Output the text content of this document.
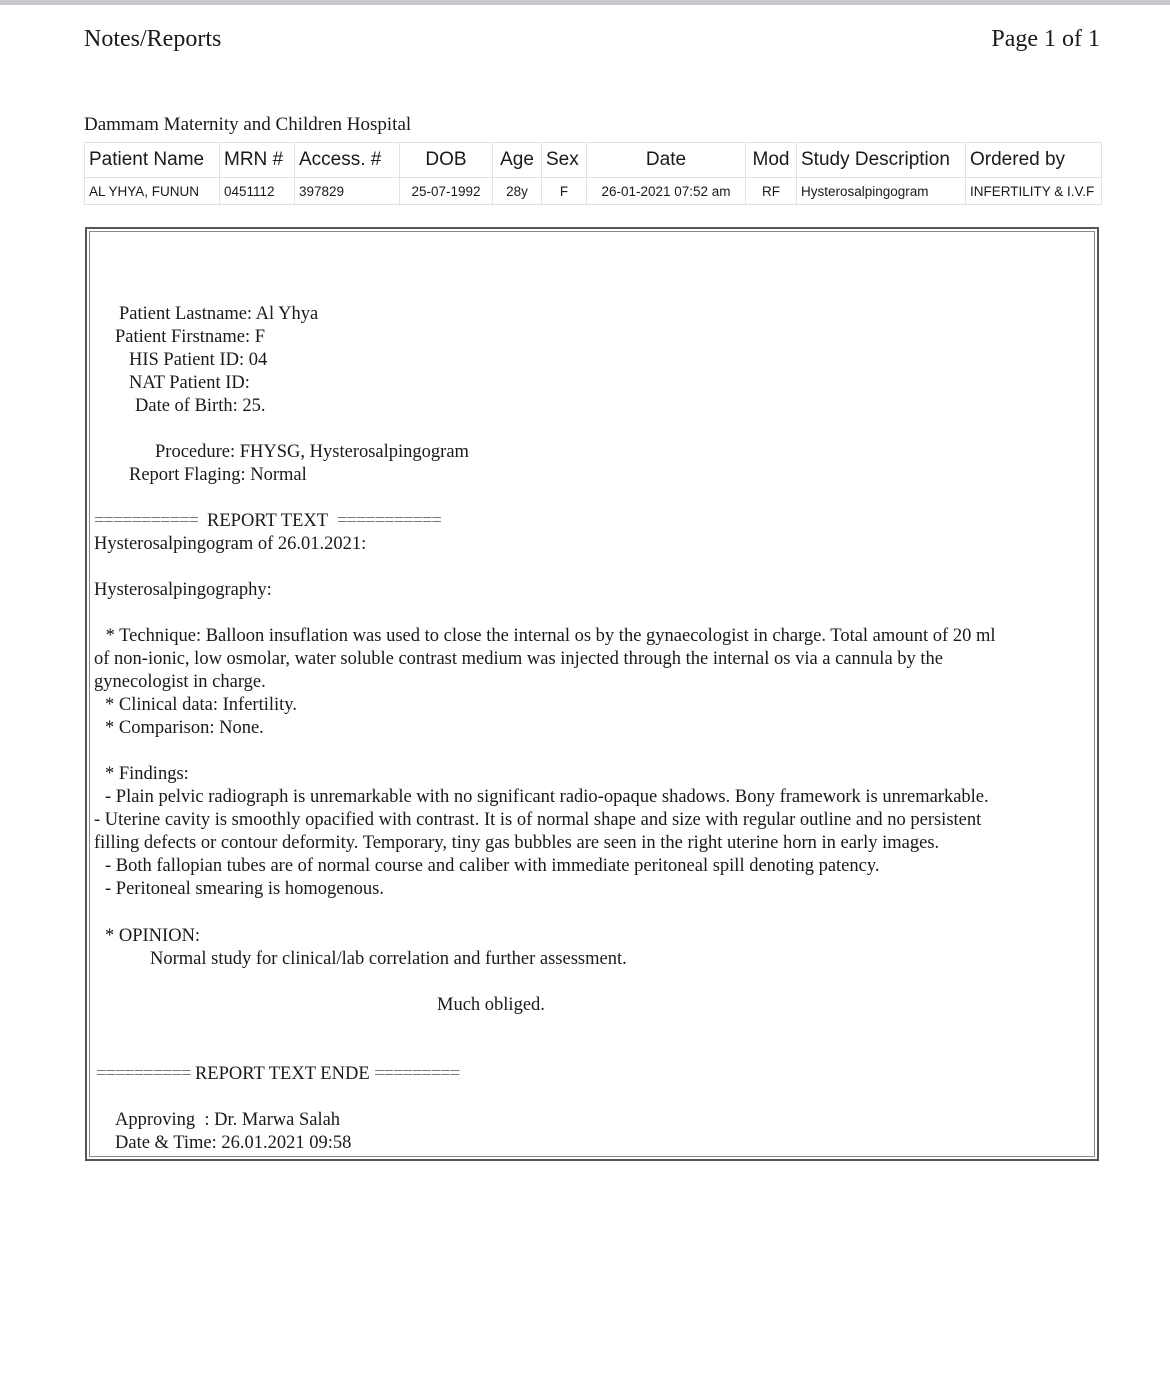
Notes/Reports	Page 1 of 1
Dammam Maternity and Children Hospital
Patient Name	MRN #	Access. #	DOB	Age	Sex	Date	Mod	Study Description	Ordered by
AL YHYA, FUNUN	0451112	397829	25-07-1992	28y	F	26-01-2021 07:52 am	RF	Hysterosalpingogram	INFERTILITY & I.V.F
Patient Lastname: Al Yhya
Patient Firstname: F
HIS Patient ID: 04
NAT Patient ID:
Date of Birth: 25.
Procedure: FHYSG, Hysterosalpingogram
Report Flaging: Normal
=========== REPORT TEXT ===========
Hysterosalpingogram of 26.01.2021:
Hysterosalpingography:
* Technique: Balloon insuflation was used to close the internal os by the gynaecologist in charge. Total amount of 20 ml
of non-ionic, low osmolar, water soluble contrast medium was injected through the internal os via a cannula by the
gynecologist in charge.
* Clinical data: Infertility.
* Comparison: None.
* Findings:
- Plain pelvic radiograph is unremarkable with no significant radio-opaque shadows. Bony framework is unremarkable.
- Uterine cavity is smoothly opacified with contrast. It is of normal shape and size with regular outline and no persistent
filling defects or contour deformity. Temporary, tiny gas bubbles are seen in the right uterine horn in early images.
- Both fallopian tubes are of normal course and caliber with immediate peritoneal spill denoting patency.
- Peritoneal smearing is homogenous.
* OPINION:
Normal study for clinical/lab correlation and further assessment.
Much obliged.
========== REPORT TEXT ENDE =========
Approving  : Dr. Marwa Salah
Date & Time: 26.01.2021 09:58
